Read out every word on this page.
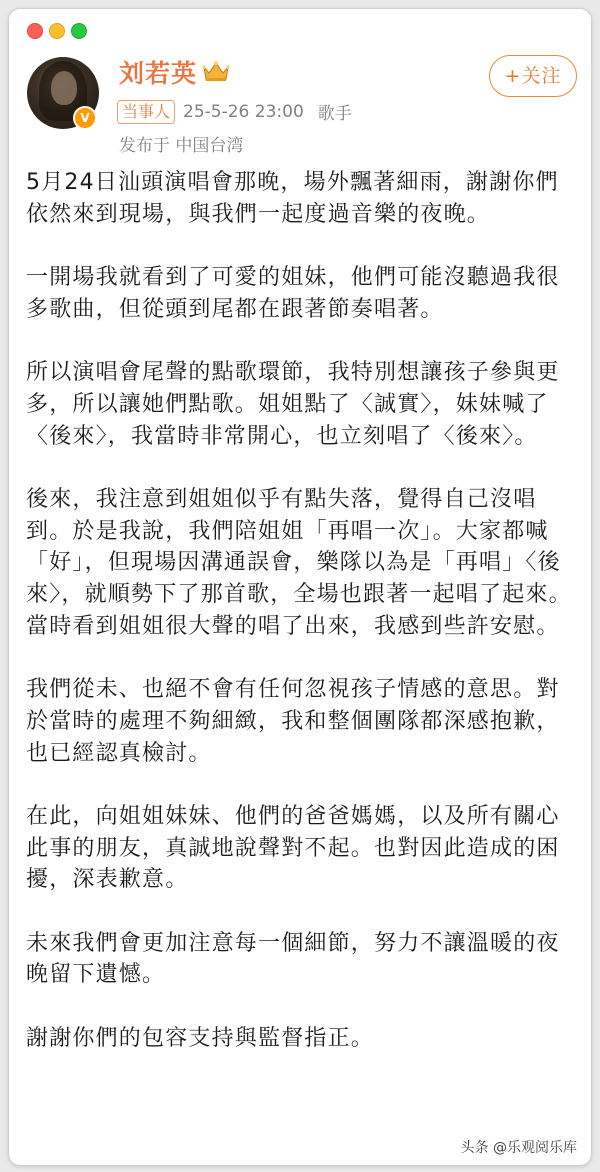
V
刘若英	+关注
当事人 25-5-26 23:00 歌手
发布于 中国台湾

5月24日汕頭演唱會那晚，場外飄著細雨，謝謝你們依然來到現場，與我們一起度過音樂的夜晚。

一開場我就看到了可愛的姐妹，他們可能沒聽過我很多歌曲，但從頭到尾都在跟著節奏唱著。

所以演唱會尾聲的點歌環節，我特別想讓孩子參與更多，所以讓她們點歌。姐姐點了〈誠實〉，妹妹喊了〈後來〉，我當時非常開心，也立刻唱了〈後來〉。

後來，我注意到姐姐似乎有點失落，覺得自己沒唱到。於是我說，我們陪姐姐「再唱一次」。大家都喊「好」，但現場因溝通誤會，樂隊以為是「再唱」〈後來〉，就順勢下了那首歌，全場也跟著一起唱了起來。當時看到姐姐很大聲的唱了出來，我感到些許安慰。

我們從未、也絕不會有任何忽視孩子情感的意思。對於當時的處理不夠細緻，我和整個團隊都深感抱歉，也已經認真檢討。

在此，向姐姐妹妹、他們的爸爸媽媽，以及所有關心此事的朋友，真誠地說聲對不起。也對因此造成的困擾，深表歉意。

未來我們會更加注意每一個細節，努力不讓溫暖的夜晚留下遺憾。

謝謝你們的包容支持與監督指正。

头条 @乐观阅乐库
